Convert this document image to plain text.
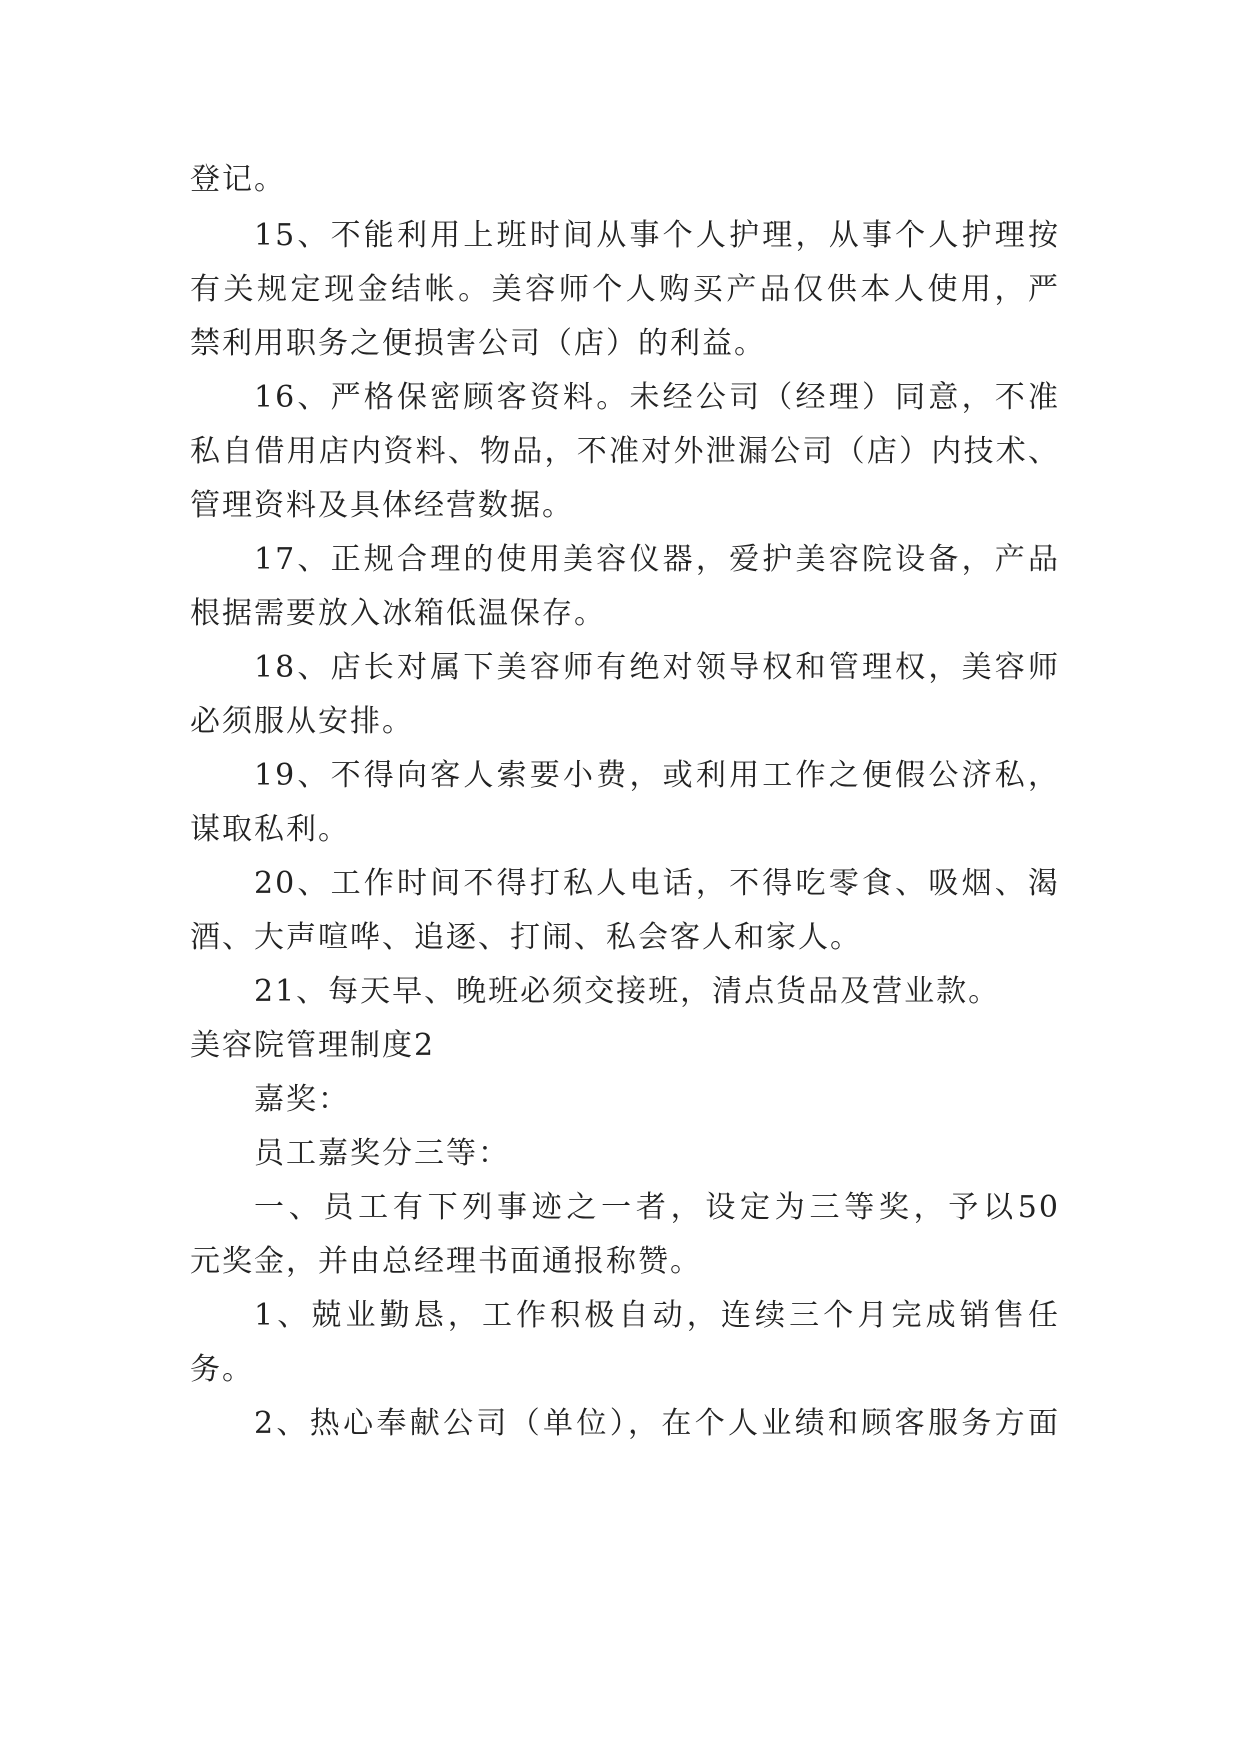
登记。
15、不能利用上班时间从事个人护理，从事个人护理按
有关规定现金结帐。美容师个人购买产品仅供本人使用，严
禁利用职务之便损害公司（店）的利益。
16、严格保密顾客资料。未经公司（经理）同意，不准
私自借用店内资料、物品，不准对外泄漏公司（店）内技术、
管理资料及具体经营数据。
17、正规合理的使用美容仪器，爱护美容院设备，产品
根据需要放入冰箱低温保存。
18、店长对属下美容师有绝对领导权和管理权，美容师
必须服从安排。
19、不得向客人索要小费，或利用工作之便假公济私，
谋取私利。
20、工作时间不得打私人电话，不得吃零食、吸烟、渴
酒、大声喧哗、追逐、打闹、私会客人和家人。
21、每天早、晚班必须交接班，清点货品及营业款。
美容院管理制度2
嘉奖：
员工嘉奖分三等：
一、员工有下列事迹之一者，设定为三等奖，予以50
元奖金，并由总经理书面通报称赞。
1、兢业勤恳，工作积极自动，连续三个月完成销售任
务。
2、热心奉献公司（单位），在个人业绩和顾客服务方面
